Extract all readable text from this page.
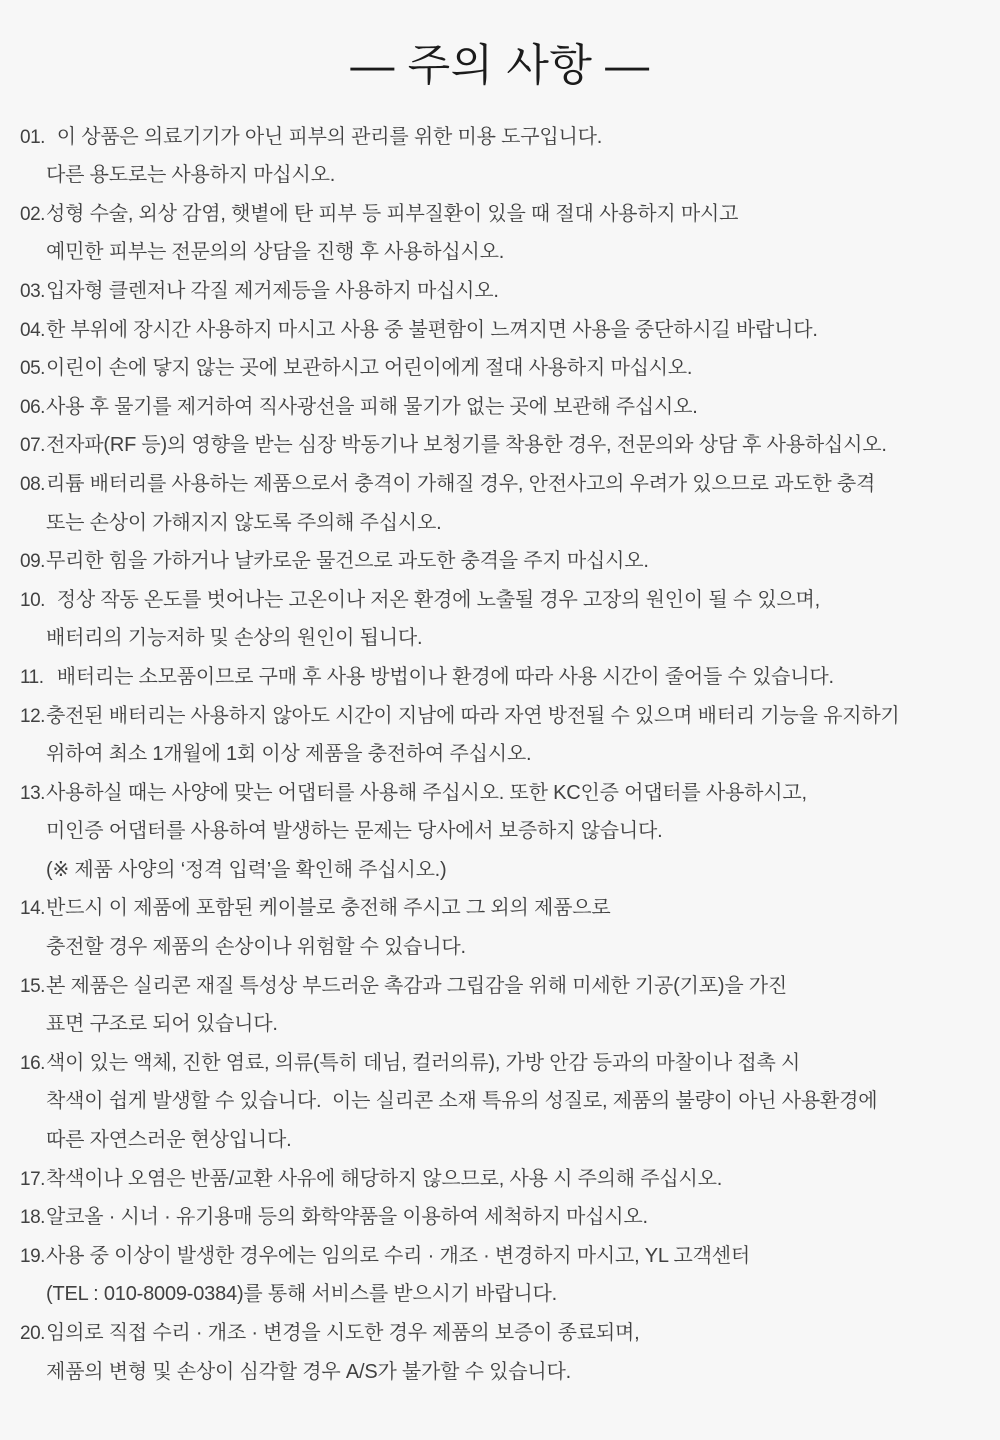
— 주의 사항 —
01. 이 상품은 의료기기가 아닌 피부의 관리를 위한 미용 도구입니다.
다른 용도로는 사용하지 마십시오.
02. 성형 수술, 외상 감염, 햇볕에 탄 피부 등 피부질환이 있을 때 절대 사용하지 마시고
예민한 피부는 전문의의 상담을 진행 후 사용하십시오.
03. 입자형 클렌저나 각질 제거제등을 사용하지 마십시오.
04. 한 부위에 장시간 사용하지 마시고 사용 중 불편함이 느껴지면 사용을 중단하시길 바랍니다.
05. 이린이 손에 닿지 않는 곳에 보관하시고 어린이에게 절대 사용하지 마십시오.
06. 사용 후 물기를 제거하여 직사광선을 피해 물기가 없는 곳에 보관해 주십시오.
07. 전자파(RF 등)의 영향을 받는 심장 박동기나 보청기를 착용한 경우, 전문의와 상담 후 사용하십시오.
08. 리튬 배터리를 사용하는 제품으로서 충격이 가해질 경우, 안전사고의 우려가 있으므로 과도한 충격
또는 손상이 가해지지 않도록 주의해 주십시오.
09. 무리한 힘을 가하거나 날카로운 물건으로 과도한 충격을 주지 마십시오.
10. 정상 작동 온도를 벗어나는 고온이나 저온 환경에 노출될 경우 고장의 원인이 될 수 있으며,
배터리의 기능저하 및 손상의 원인이 됩니다.
11. 배터리는 소모품이므로 구매 후 사용 방법이나 환경에 따라 사용 시간이 줄어들 수 있습니다.
12. 충전된 배터리는 사용하지 않아도 시간이 지남에 따라 자연 방전될 수 있으며 배터리 기능을 유지하기
위하여 최소 1개월에 1회 이상 제품을 충전하여 주십시오.
13. 사용하실 때는 사양에 맞는 어댑터를 사용해 주십시오. 또한 KC인증 어댑터를 사용하시고,
미인증 어댑터를 사용하여 발생하는 문제는 당사에서 보증하지 않습니다.
(※ 제품 사양의 ‘정격 입력’을 확인해 주십시오.)
14. 반드시 이 제품에 포함된 케이블로 충전해 주시고 그 외의 제품으로
충전할 경우 제품의 손상이나 위험할 수 있습니다.
15. 본 제품은 실리콘 재질 특성상 부드러운 촉감과 그립감을 위해 미세한 기공(기포)을 가진
표면 구조로 되어 있습니다.
16. 색이 있는 액체, 진한 염료, 의류(특히 데님, 컬러의류), 가방 안감 등과의 마찰이나 접촉 시
착색이 쉽게 발생할 수 있습니다.  이는 실리콘 소재 특유의 성질로, 제품의 불량이 아닌 사용환경에
따른 자연스러운 현상입니다.
17. 착색이나 오염은 반품/교환 사유에 해당하지 않으므로, 사용 시 주의해 주십시오.
18. 알코올 · 시너 · 유기용매 등의 화학약품을 이용하여 세척하지 마십시오.
19. 사용 중 이상이 발생한 경우에는 임의로 수리 · 개조 · 변경하지 마시고, YL 고객센터
(TEL : 010-8009-0384)를 통해 서비스를 받으시기 바랍니다.
20. 임의로 직접 수리 · 개조 · 변경을 시도한 경우 제품의 보증이 종료되며,
제품의 변형 및 손상이 심각할 경우 A/S가 불가할 수 있습니다.
